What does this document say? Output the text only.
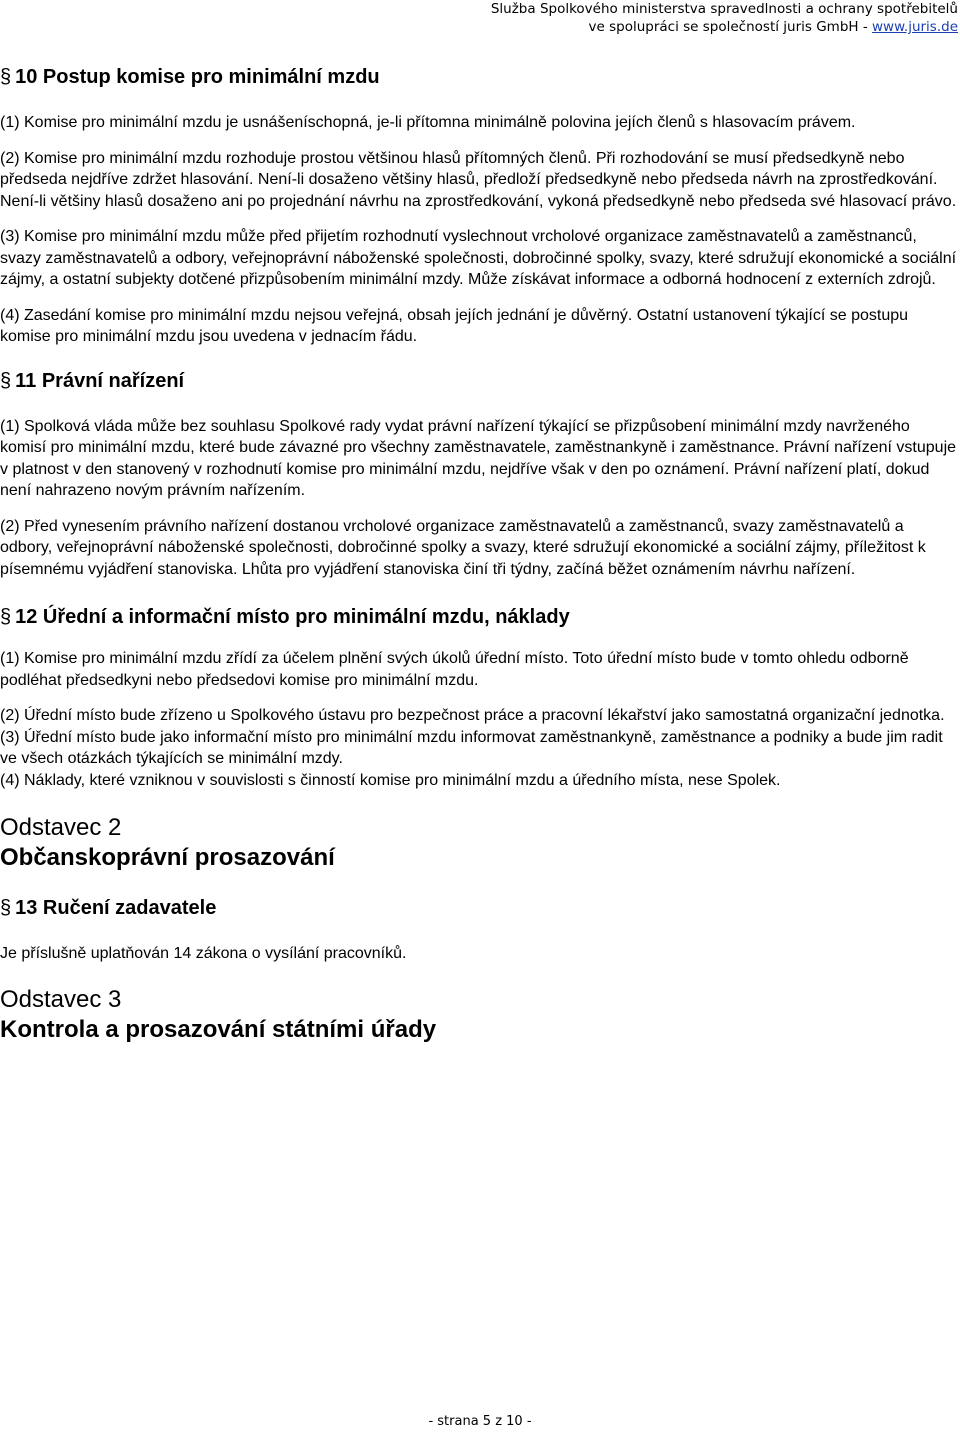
Služba Spolkového ministerstva spravedlnosti a ochrany spotřebitelů
ve spolupráci se společností juris GmbH - www.juris.de
§ 10 Postup komise pro minimální mzdu

(1) Komise pro minimální mzdu je usnášeníschopná, je-li přítomna minimálně polovina jejích členů s hlasovacím právem.

(2) Komise pro minimální mzdu rozhoduje prostou většinou hlasů přítomných členů. Při rozhodování se musí předsedkyně nebo předseda nejdříve zdržet hlasování. Není-li dosaženo většiny hlasů, předloží předsedkyně nebo předseda návrh na zprostředkování. Není-li většiny hlasů dosaženo ani po projednání návrhu na zprostředkování, vykoná předsedkyně nebo předseda své hlasovací právo.

(3) Komise pro minimální mzdu může před přijetím rozhodnutí vyslechnout vrcholové organizace zaměstnavatelů a zaměstnanců, svazy zaměstnavatelů a odbory, veřejnoprávní náboženské společnosti, dobročinné spolky, svazy, které sdružují ekonomické a sociální zájmy, a ostatní subjekty dotčené přizpůsobením minimální mzdy. Může získávat informace a odborná hodnocení z externích zdrojů.

(4) Zasedání komise pro minimální mzdu nejsou veřejná, obsah jejích jednání je důvěrný. Ostatní ustanovení týkající se postupu komise pro minimální mzdu jsou uvedena v jednacím řádu.

§ 11 Právní nařízení

(1) Spolková vláda může bez souhlasu Spolkové rady vydat právní nařízení týkající se přizpůsobení minimální mzdy navrženého komisí pro minimální mzdu, které bude závazné pro všechny zaměstnavatele, zaměstnankyně i zaměstnance. Právní nařízení vstupuje v platnost v den stanovený v rozhodnutí komise pro minimální mzdu, nejdříve však v den po oznámení. Právní nařízení platí, dokud není nahrazeno novým právním nařízením.

(2) Před vynesením právního nařízení dostanou vrcholové organizace zaměstnavatelů a zaměstnanců, svazy zaměstnavatelů a odbory, veřejnoprávní náboženské společnosti, dobročinné spolky a svazy, které sdružují ekonomické a sociální zájmy, příležitost k písemnému vyjádření stanoviska. Lhůta pro vyjádření stanoviska činí tři týdny, začíná běžet oznámením návrhu nařízení.

§ 12 Úřední a informační místo pro minimální mzdu, náklady

(1) Komise pro minimální mzdu zřídí za účelem plnění svých úkolů úřední místo. Toto úřední místo bude v tomto ohledu odborně podléhat předsedkyni nebo předsedovi komise pro minimální mzdu.

(2) Úřední místo bude zřízeno u Spolkového ústavu pro bezpečnost práce a pracovní lékařství jako samostatná organizační jednotka.

(3) Úřední místo bude jako informační místo pro minimální mzdu informovat zaměstnankyně, zaměstnance a podniky a bude jim radit ve všech otázkách týkajících se minimální mzdy.

(4) Náklady, které vzniknou v souvislosti s činností komise pro minimální mzdu a úředního místa, nese Spolek.

Odstavec 2
Občanskoprávní prosazování
§ 13 Ručení zadavatele

Je příslušně uplatňován 14 zákona o vysílání pracovníků.

Odstavec 3
Kontrola a prosazování státními úřady
- strana 5 z 10 -
